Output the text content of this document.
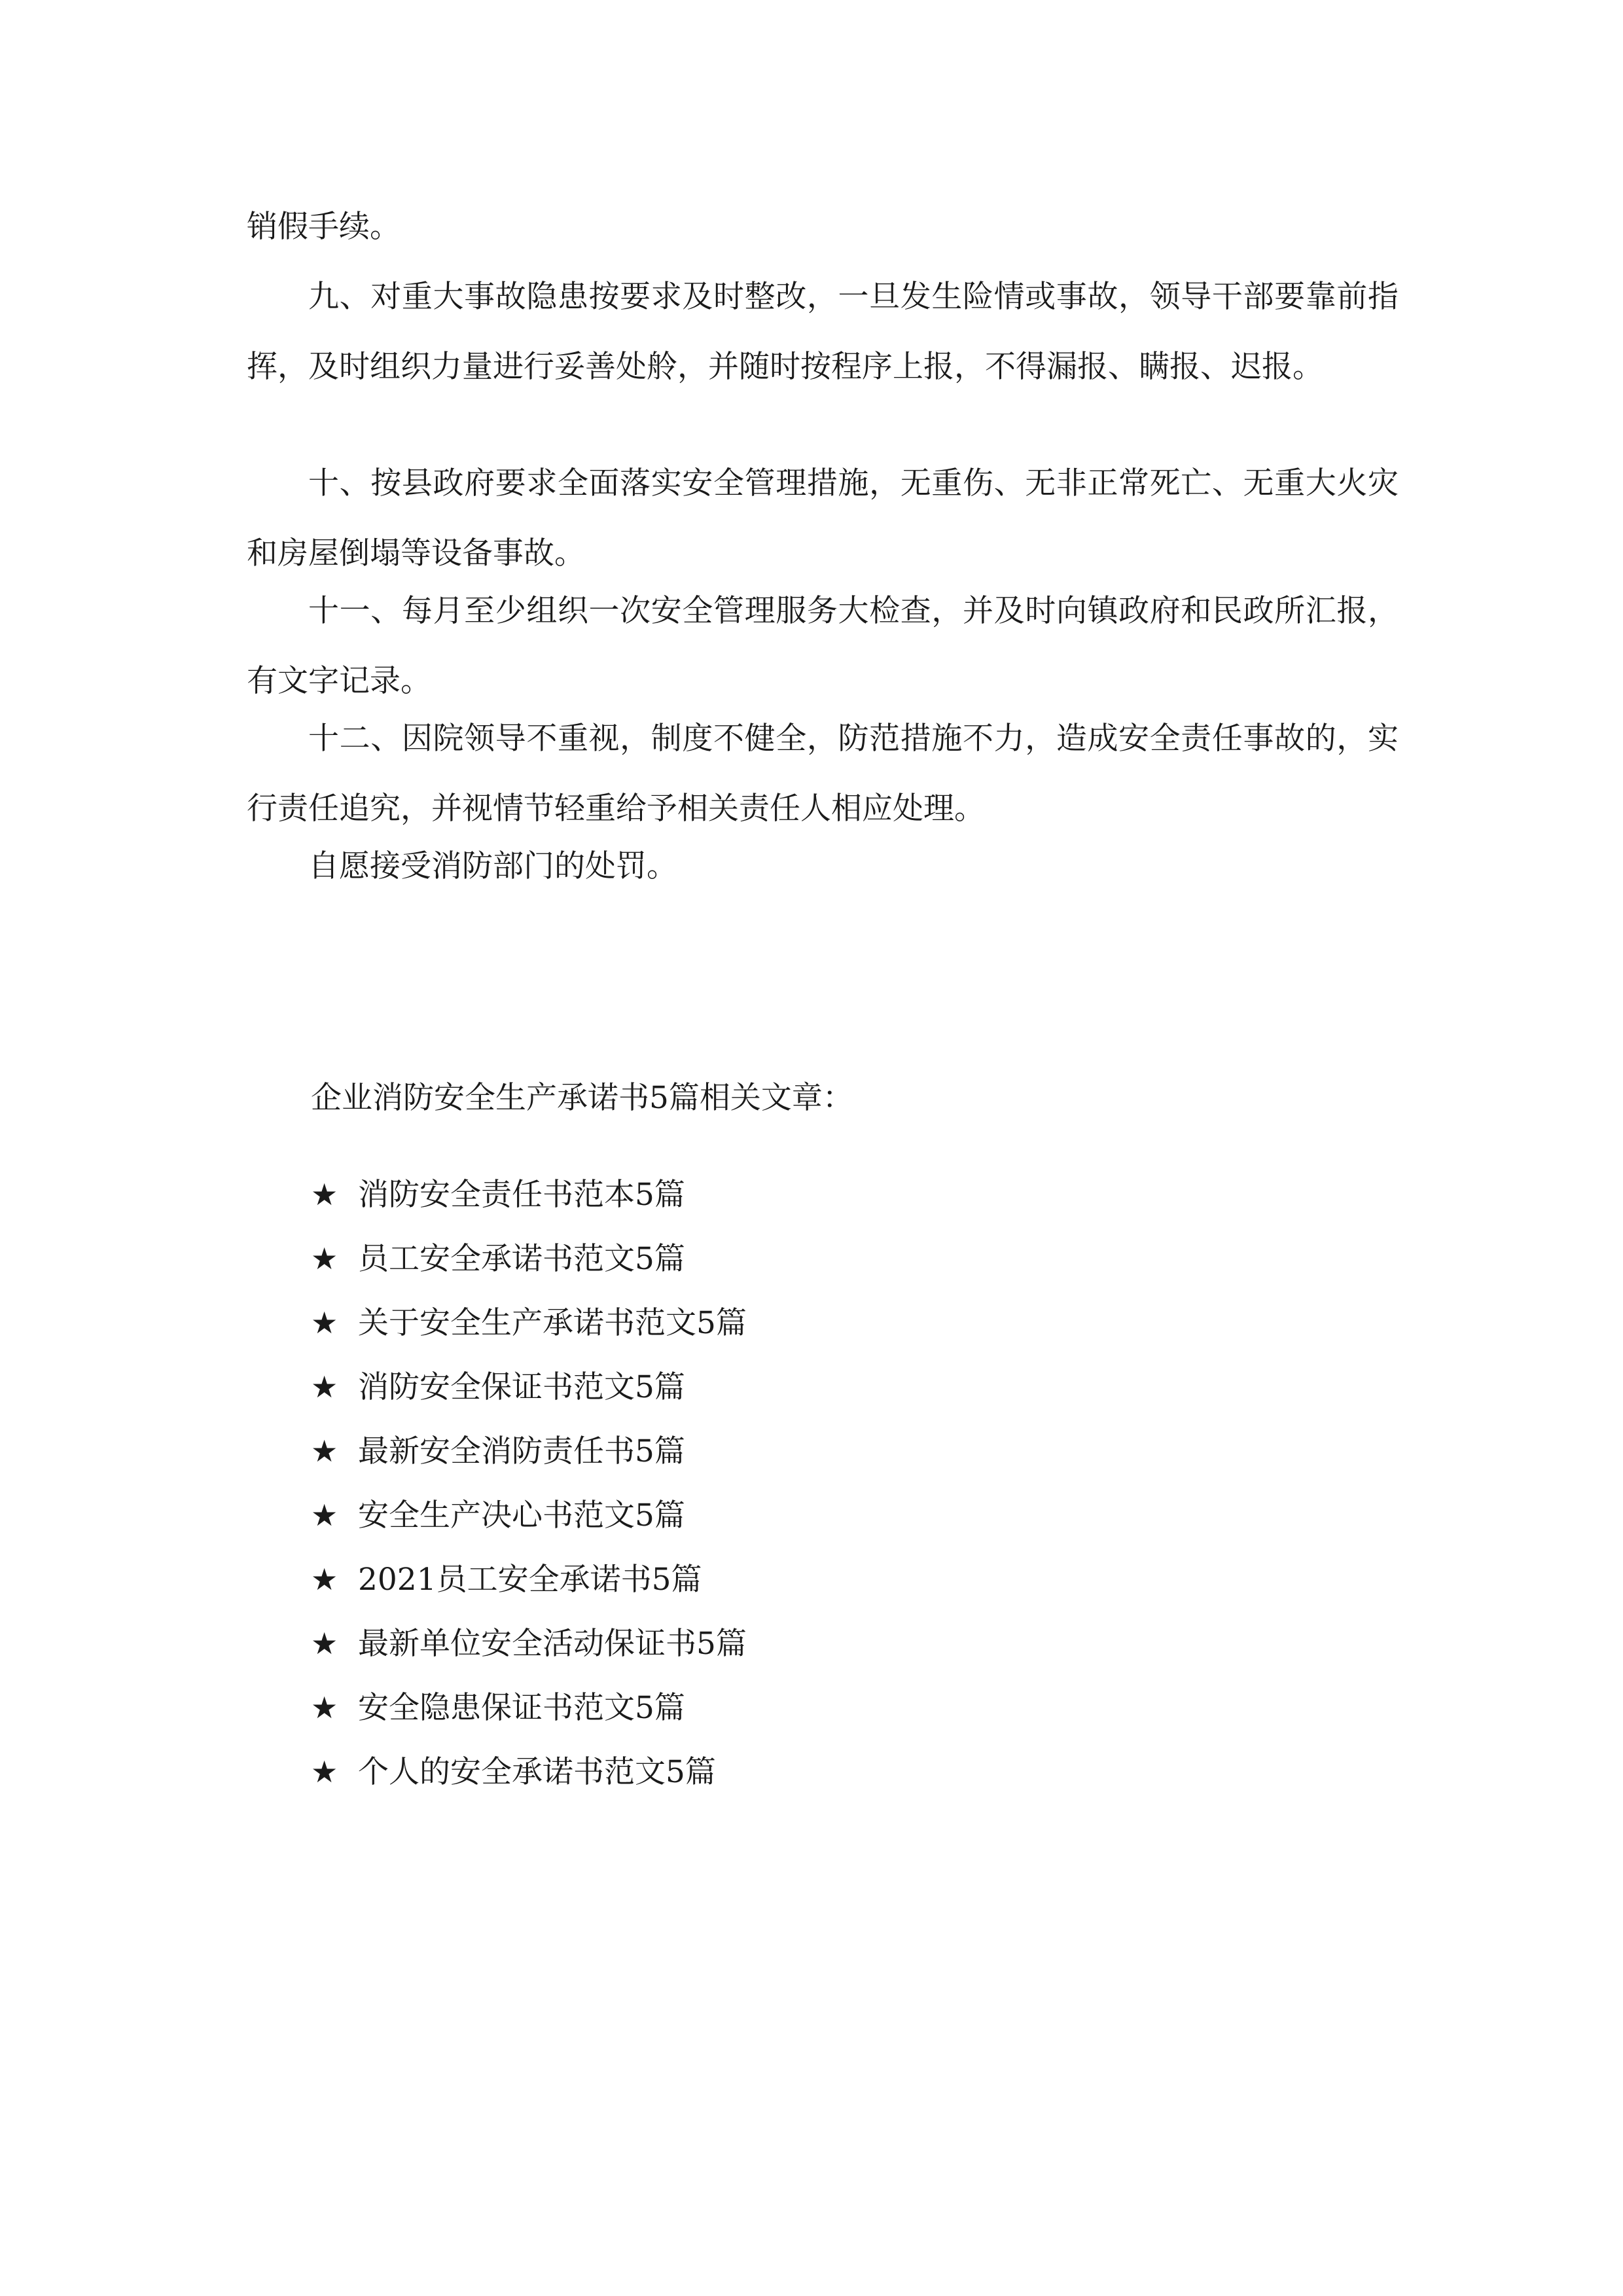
销假手续。

九、对重大事故隐患按要求及时整改，一旦发生险情或事故，领导干部要靠前指挥，及时组织力量进行妥善处舲，并随时按程序上报，不得漏报、瞒报、迟报。

十、按县政府要求全面落实安全管理措施，无重伤、无非正常死亡、无重大火灾和房屋倒塌等设备事故。

十一、每月至少组织一次安全管理服务大检查，并及时向镇政府和民政所汇报，有文字记录。

十二、因院领导不重视，制度不健全，防范措施不力，造成安全责任事故的，实行责任追究，并视情节轻重给予相关责任人相应处理。

自愿接受消防部门的处罚。

企业消防安全生产承诺书5篇相关文章：

★ 消防安全责任书范本5篇
★ 员工安全承诺书范文5篇
★ 关于安全生产承诺书范文5篇
★ 消防安全保证书范文5篇
★ 最新安全消防责任书5篇
★ 安全生产决心书范文5篇
★ 2021员工安全承诺书5篇
★ 最新单位安全活动保证书5篇
★ 安全隐患保证书范文5篇
★ 个人的安全承诺书范文5篇
